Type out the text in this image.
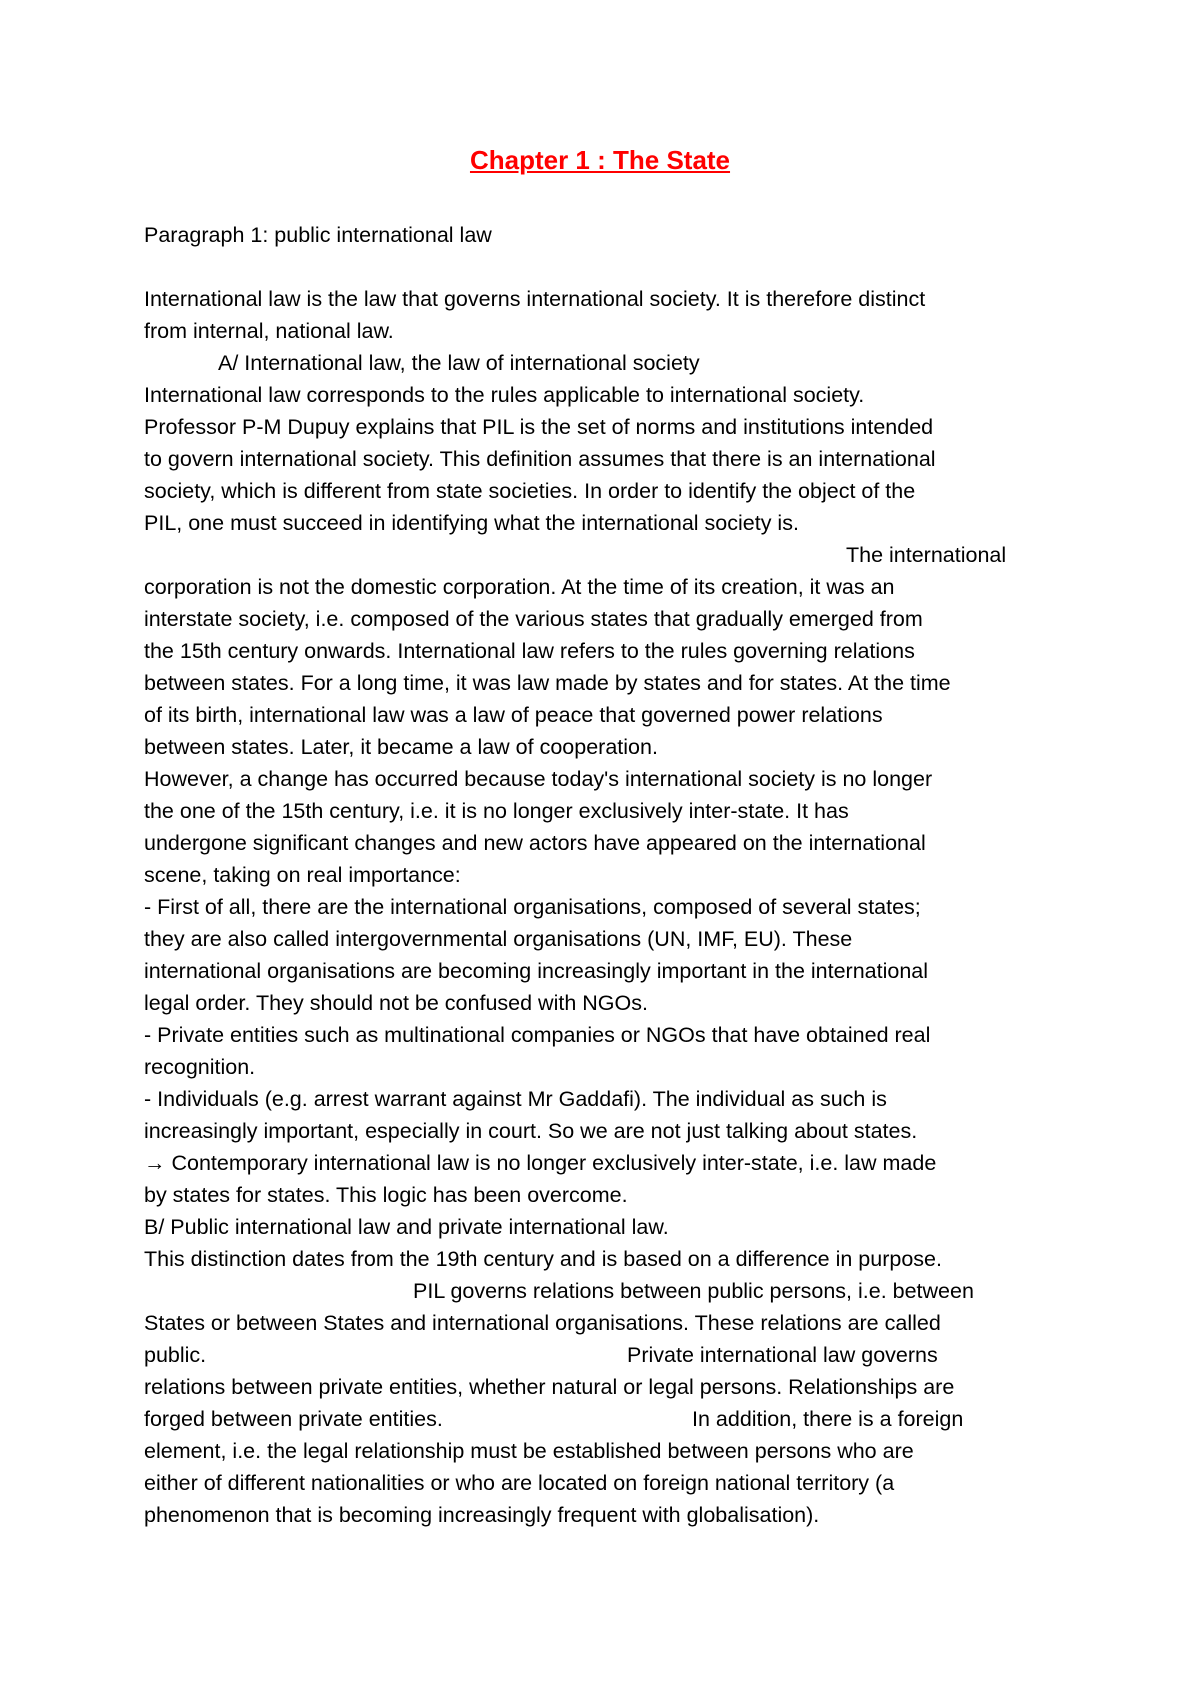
Chapter 1 : The State
Paragraph 1: public international law
International law is the law that governs international society. It is therefore distinct
from internal, national law.
A/ International law, the law of international society
International law corresponds to the rules applicable to international society.
Professor P-M Dupuy explains that PIL is the set of norms and institutions intended
to govern international society. This definition assumes that there is an international
society, which is different from state societies. In order to identify the object of the
PIL, one must succeed in identifying what the international society is.
The international
corporation is not the domestic corporation. At the time of its creation, it was an
interstate society, i.e. composed of the various states that gradually emerged from
the 15th century onwards. International law refers to the rules governing relations
between states. For a long time, it was law made by states and for states. At the time
of its birth, international law was a law of peace that governed power relations
between states. Later, it became a law of cooperation.
However, a change has occurred because today's international society is no longer
the one of the 15th century, i.e. it is no longer exclusively inter-state. It has
undergone significant changes and new actors have appeared on the international
scene, taking on real importance:
- First of all, there are the international organisations, composed of several states;
they are also called intergovernmental organisations (UN, IMF, EU). These
international organisations are becoming increasingly important in the international
legal order. They should not be confused with NGOs.
- Private entities such as multinational companies or NGOs that have obtained real
recognition.
- Individuals (e.g. arrest warrant against Mr Gaddafi). The individual as such is
increasingly important, especially in court. So we are not just talking about states.
→ Contemporary international law is no longer exclusively inter-state, i.e. law made
by states for states. This logic has been overcome.
B/ Public international law and private international law.
This distinction dates from the 19th century and is based on a difference in purpose.
PIL governs relations between public persons, i.e. between
States or between States and international organisations. These relations are called
public.	Private international law governs
relations between private entities, whether natural or legal persons. Relationships are
forged between private entities.	In addition, there is a foreign
element, i.e. the legal relationship must be established between persons who are
either of different nationalities or who are located on foreign national territory (a
phenomenon that is becoming increasingly frequent with globalisation).
